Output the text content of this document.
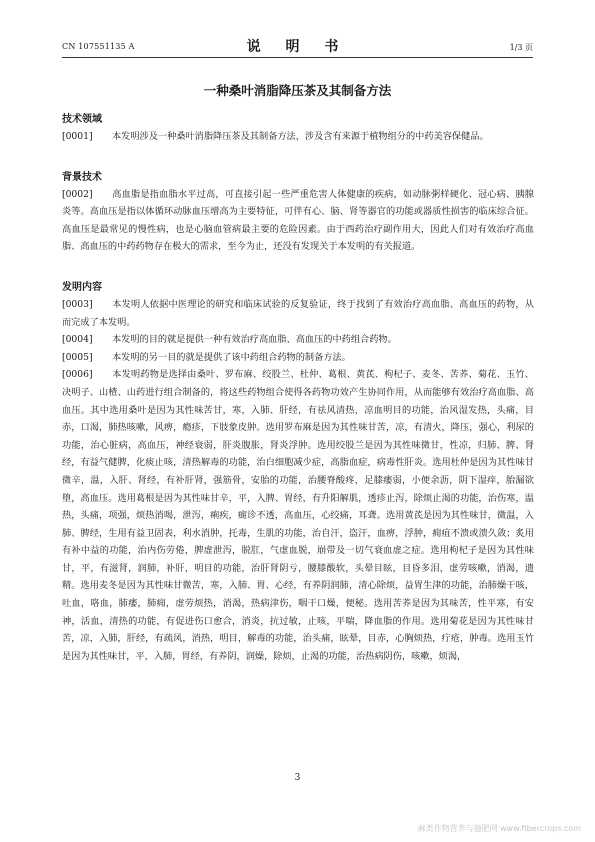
CN 107551135 A	说 明 书	1/3 页
一种桑叶消脂降压茶及其制备方法
技术领域

[0001] 本发明涉及一种桑叶消脂降压茶及其制备方法，涉及含有来源于植物组分的中药美容保健品。

背景技术

[0002] 高血脂是指血脂水平过高，可直接引起一些严重危害人体健康的疾病，如动脉粥样硬化、冠心病、胰腺炎等。高血压是指以体循环动脉血压增高为主要特征，可伴有心、脑、肾等器官的功能或器质性损害的临床综合征。高血压是最常见的慢性病，也是心脑血管病最主要的危险因素。由于西药治疗副作用大，因此人们对有效治疗高血脂、高血压的中药药物存在极大的需求，至今为止，还没有发现关于本发明的有关报道。

发明内容

[0003] 本发明人依据中医理论的研究和临床试验的反复验证，终于找到了有效治疗高血脂、高血压的药物，从而完成了本发明。

[0004] 本发明的目的就是提供一种有效治疗高血脂、高血压的中药组合药物。

[0005] 本发明的另一目的就是提供了该中药组合药物的制备方法。

[0006] 本发明药物是选择由桑叶、罗布麻、绞股兰、杜仲、葛根、黄芪、枸杞子、麦冬、苦荞、菊花、玉竹、决明子、山楂、山药进行组合制备的，将这些药物组合使得各药物功效产生协同作用，从而能够有效治疗高血脂、高血压。其中选用桑叶是因为其性味苦甘，寒，入肺、肝经，有祛风清热，凉血明目的功能，治风湿发热，头痛，目赤，口渴，肺热咳嗽，风痹，瘾疹，下肢象皮肿。选用罗布麻是因为其性味甘苦，凉，有清火，降压，强心，利尿的功能，治心脏病，高血压，神经衰弱，肝炎腹胀，肾炎浮肿。选用绞股兰是因为其性味微甘，性凉，归肺、脾、肾经，有益气健脾，化痰止咳，清热解毒的功能，治白细胞减少症，高脂血症，病毒性肝炎。选用杜仲是因为其性味甘微辛，温，入肝、肾经，有补肝肾，强筋骨，安胎的功能，治腰脊酸疼，足膝痿弱，小便余沥，阴下湿痒，胎漏欲堕，高血压。选用葛根是因为其性味甘辛，平，入脾、胃经，有升阳解肌，透疹止泻，除烦止渴的功能，治伤寒，温热，头痛，项强，烦热消喝，泄泻，痢疾，癍诊不透，高血压，心绞痛，耳聋。选用黄芪是因为其性味甘，微温，入肺、脾经，生用有益卫固表，利水消肿，托毒，生肌的功能，治自汗，盗汗，血痹，浮肿，痈疽不溃或溃久敛；炙用有补中益的功能，治内伤劳倦，脾虚泄泻，脱肛，气虚血脱，崩带及一切气衰血虚之症。选用枸杞子是因为其性味甘，平，有滋肾，润肺，补肝，明目的功能，治肝肾阴亏，腰膝酸软，头晕目眩，目昏多泪，虚劳咳嗽，消渴，遗精。选用麦冬是因为其性味甘微苦，寒，入肺、胃、心经，有养阴润肺，清心除烦，益胃生津的功能，治肺燥干咳，吐血，咯血，肺痿，肺痈，虚劳烦热，消渴，热病津伤，咽干口燥，便秘。选用苦荞是因为其味苦，性平寒，有安神，活血，清热的功能，有促进伤口愈合，消炎，抗过敏，止咳，平喘，降血脂的作用。选用菊花是因为其性味甘苦，凉，入肺，肝经，有疏风，消热，明目，解毒的功能，治头痛，眩晕，目赤，心胸烦热，疔疮，肿毒。选用玉竹是因为其性味甘，平，入肺，胃经，有养阴，润燥，除烦，止渴的功能，治热病阴伤，咳嗽，烦渴，

3
麻类作物营养与施肥网 www.fibercrops.com
